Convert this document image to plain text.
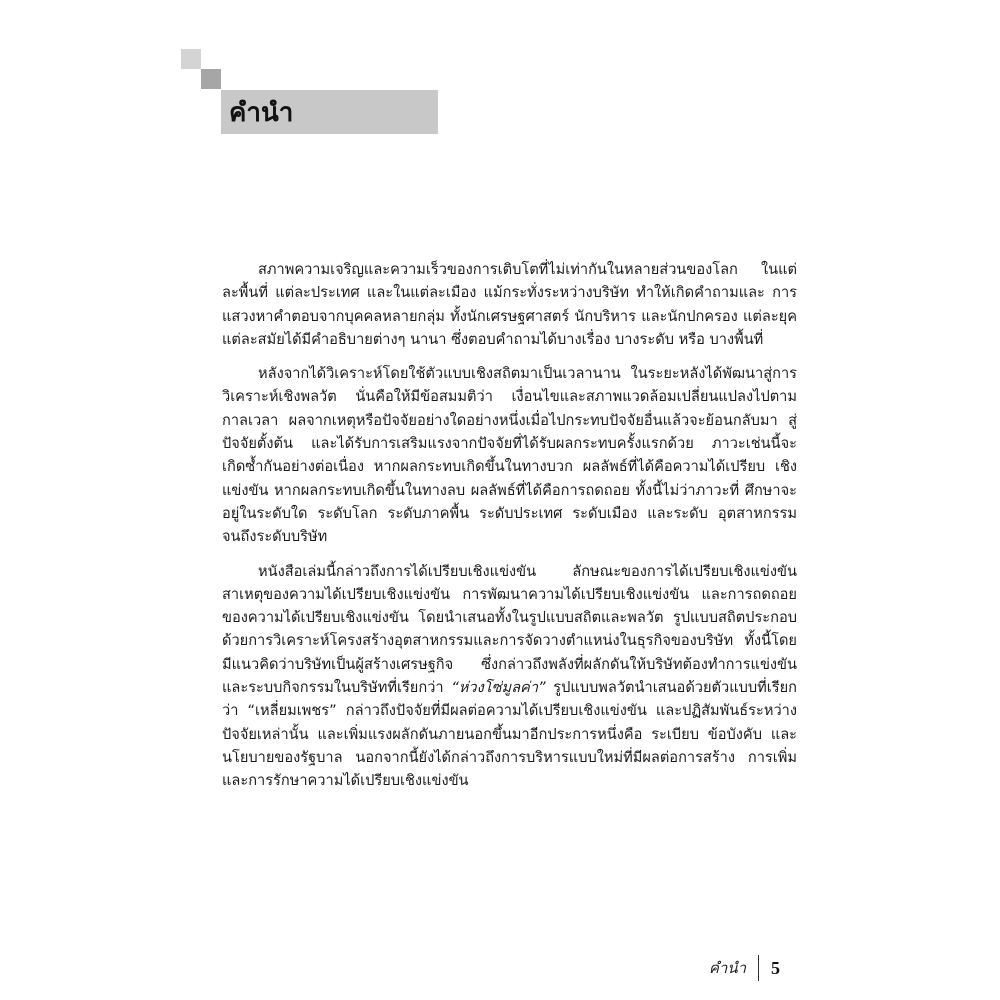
คำนำ

สภาพความเจริญและความเร็วของการเติบโตที่ไม่เท่ากันในหลายส่วนของโลก ในแต่ ละพื้นที่ แต่ละประเทศ และในแต่ละเมือง แม้กระทั่งระหว่างบริษัท ทำให้เกิดคำถามและ การแสวงหาคำตอบจากบุคคลหลายกลุ่ม ทั้งนักเศรษฐศาสตร์ นักบริหาร และนักปกครอง แต่ละยุคแต่ละสมัยได้มีคำอธิบายต่างๆ นานา ซึ่งตอบคำถามได้บางเรื่อง บางระดับ หรือ บางพื้นที่

หลังจากได้วิเคราะห์โดยใช้ตัวแบบเชิงสถิตมาเป็นเวลานาน ในระยะหลังได้พัฒนาสู่การ วิเคราะห์เชิงพลวัต นั่นคือให้มีข้อสมมติว่า เงื่อนไขและสภาพแวดล้อมเปลี่ยนแปลงไปตาม กาลเวลา ผลจากเหตุหรือปัจจัยอย่างใดอย่างหนึ่งเมื่อไปกระทบปัจจัยอื่นแล้วจะย้อนกลับมา สู่ปัจจัยตั้งต้น และได้รับการเสริมแรงจากปัจจัยที่ได้รับผลกระทบครั้งแรกด้วย ภาวะเช่นนี้จะ เกิดซ้ำกันอย่างต่อเนื่อง หากผลกระทบเกิดขึ้นในทางบวก ผลลัพธ์ที่ได้คือความได้เปรียบ เชิงแข่งขัน หากผลกระทบเกิดขึ้นในทางลบ ผลลัพธ์ที่ได้คือการถดถอย ทั้งนี้ไม่ว่าภาวะที่ ศึกษาจะอยู่ในระดับใด ระดับโลก ระดับภาคพื้น ระดับประเทศ ระดับเมือง และระดับ อุตสาหกรรม จนถึงระดับบริษัท

หนังสือเล่มนี้กล่าวถึงการได้เปรียบเชิงแข่งขัน ลักษณะของการได้เปรียบเชิงแข่งขัน สาเหตุของความได้เปรียบเชิงแข่งขัน การพัฒนาความได้เปรียบเชิงแข่งขัน และการถดถอย ของความได้เปรียบเชิงแข่งขัน โดยนำเสนอทั้งในรูปแบบสถิตและพลวัต รูปแบบสถิตประกอบ ด้วยการวิเคราะห์โครงสร้างอุตสาหกรรมและการจัดวางตำแหน่งในธุรกิจของบริษัท ทั้งนี้โดย มีแนวคิดว่าบริษัทเป็นผู้สร้างเศรษฐกิจ ซึ่งกล่าวถึงพลังที่ผลักดันให้บริษัทต้องทำการแข่งขัน และระบบกิจกรรมในบริษัทที่เรียกว่า “ห่วงโซ่มูลค่า” รูปแบบพลวัตนำเสนอด้วยตัวแบบที่เรียก ว่า “เหลี่ยมเพชร” กล่าวถึงปัจจัยที่มีผลต่อความได้เปรียบเชิงแข่งขัน และปฏิสัมพันธ์ระหว่าง ปัจจัยเหล่านั้น และเพิ่มแรงผลักดันภายนอกขึ้นมาอีกประการหนึ่งคือ ระเบียบ ข้อบังคับ และนโยบายของรัฐบาล นอกจากนี้ยังได้กล่าวถึงการบริหารแบบใหม่ที่มีผลต่อการสร้าง การเพิ่ม และการรักษาความได้เปรียบเชิงแข่งขัน

คำนำ	5
